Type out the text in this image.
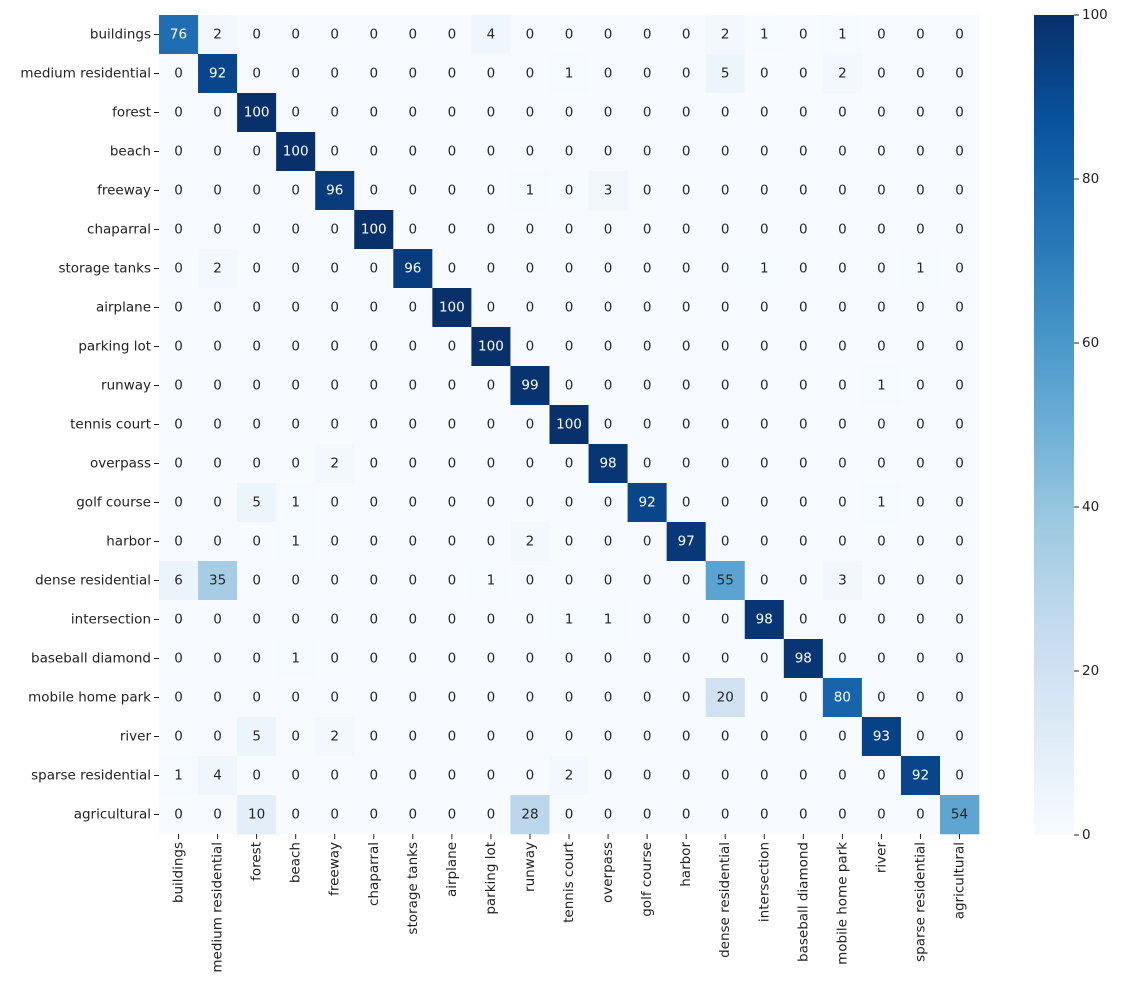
76 2 0 0 0 0 0 0 4 0 0 0 0 0 2 1 0 1 0 0 0
0 92 0 0 0 0 0 0 0 0 1 0 0 0 5 0 0 2 0 0 0
0 0 100 0 0 0 0 0 0 0 0 0 0 0 0 0 0 0 0 0 0
0 0 0 100 0 0 0 0 0 0 0 0 0 0 0 0 0 0 0 0 0
0 0 0 0 96 0 0 0 0 1 0 3 0 0 0 0 0 0 0 0 0
0 0 0 0 0 100 0 0 0 0 0 0 0 0 0 0 0 0 0 0 0
0 2 0 0 0 0 96 0 0 0 0 0 0 0 0 1 0 0 0 1 0
0 0 0 0 0 0 0 100 0 0 0 0 0 0 0 0 0 0 0 0 0
0 0 0 0 0 0 0 0 100 0 0 0 0 0 0 0 0 0 0 0 0
0 0 0 0 0 0 0 0 0 99 0 0 0 0 0 0 0 0 1 0 0
0 0 0 0 0 0 0 0 0 0 100 0 0 0 0 0 0 0 0 0 0
0 0 0 0 2 0 0 0 0 0 0 98 0 0 0 0 0 0 0 0 0
0 0 5 1 0 0 0 0 0 0 0 0 92 0 0 0 0 0 1 0 0
0 0 0 1 0 0 0 0 0 2 0 0 0 97 0 0 0 0 0 0 0
6 35 0 0 0 0 0 0 1 0 0 0 0 0 55 0 0 3 0 0 0
0 0 0 0 0 0 0 0 0 0 1 1 0 0 0 98 0 0 0 0 0
0 0 0 1 0 0 0 0 0 0 0 0 0 0 0 0 98 0 0 0 0
0 0 0 0 0 0 0 0 0 0 0 0 0 0 20 0 0 80 0 0 0
0 0 5 0 2 0 0 0 0 0 0 0 0 0 0 0 0 0 93 0 0
1 4 0 0 0 0 0 0 0 0 2 0 0 0 0 0 0 0 0 92 0
0 0 10 0 0 0 0 0 0 28 0 0 0 0 0 0 0 0 0 0 54
buildings
medium residential
forest
beach
freeway
chaparral
storage tanks
airplane
parking lot
runway
tennis court
overpass
golf course
harbor
dense residential
intersection
baseball diamond
mobile home park
river
sparse residential
agricultural
buildings medium residential forest beach freeway chaparral storage tanks airplane parking lot runway tennis court overpass golf course harbor dense residential intersection baseball diamond mobile home park river sparse residential agricultural
0
20
40
60
80
100
